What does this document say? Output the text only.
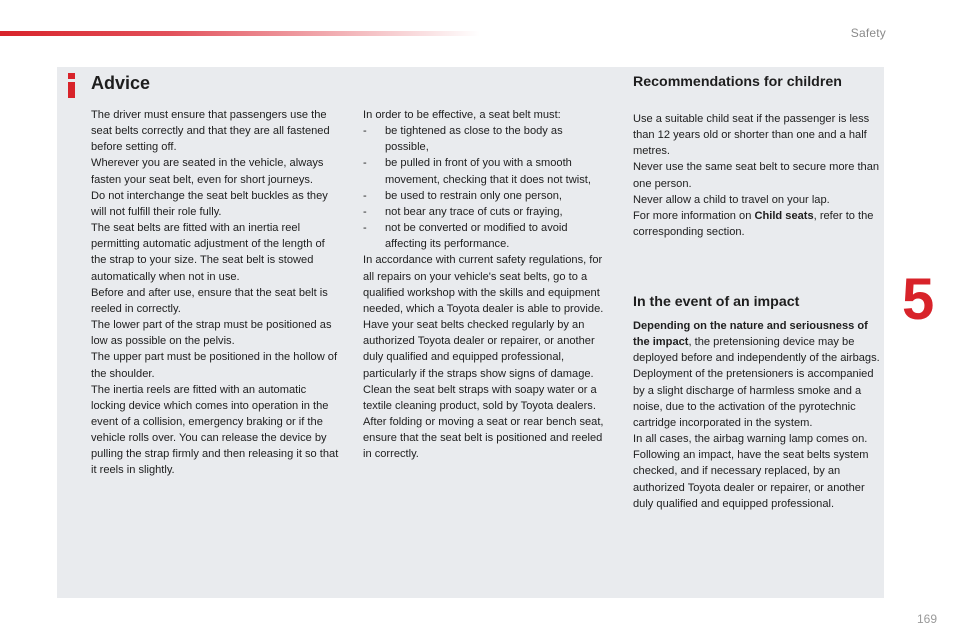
Safety
Advice

The driver must ensure that passengers use the seat belts correctly and that they are all fastened before setting off.

Wherever you are seated in the vehicle, always fasten your seat belt, even for short journeys.

Do not interchange the seat belt buckles as they will not fulfill their role fully.

The seat belts are fitted with an inertia reel permitting automatic adjustment of the length of the strap to your size. The seat belt is stowed automatically when not in use.

Before and after use, ensure that the seat belt is reeled in correctly.

The lower part of the strap must be positioned as low as possible on the pelvis.

The upper part must be positioned in the hollow of the shoulder.

The inertia reels are fitted with an automatic locking device which comes into operation in the event of a collision, emergency braking or if the vehicle rolls over. You can release the device by pulling the strap firmly and then releasing it so that it reels in slightly.

In order to be effective, a seat belt must:

- be tightened as close to the body as possible,
- be pulled in front of you with a smooth movement, checking that it does not twist,
- be used to restrain only one person,
- not bear any trace of cuts or fraying,
- not be converted or modified to avoid affecting its performance.

In accordance with current safety regulations, for all repairs on your vehicle's seat belts, go to a qualified workshop with the skills and equipment needed, which a Toyota dealer is able to provide.

Have your seat belts checked regularly by an authorized Toyota dealer or repairer, or another duly qualified and equipped professional, particularly if the straps show signs of damage.

Clean the seat belt straps with soapy water or a textile cleaning product, sold by Toyota dealers.

After folding or moving a seat or rear bench seat, ensure that the seat belt is positioned and reeled in correctly.

Recommendations for children

Use a suitable child seat if the passenger is less than 12 years old or shorter than one and a half metres.

Never use the same seat belt to secure more than one person.

Never allow a child to travel on your lap.

For more information on Child seats, refer to the corresponding section.

In the event of an impact

Depending on the nature and seriousness of the impact, the pretensioning device may be deployed before and independently of the airbags.

Deployment of the pretensioners is accompanied by a slight discharge of harmless smoke and a noise, due to the activation of the pyrotechnic cartridge incorporated in the system.

In all cases, the airbag warning lamp comes on.

Following an impact, have the seat belts system checked, and if necessary replaced, by an authorized Toyota dealer or repairer, or another duly qualified and equipped professional.

5
169
